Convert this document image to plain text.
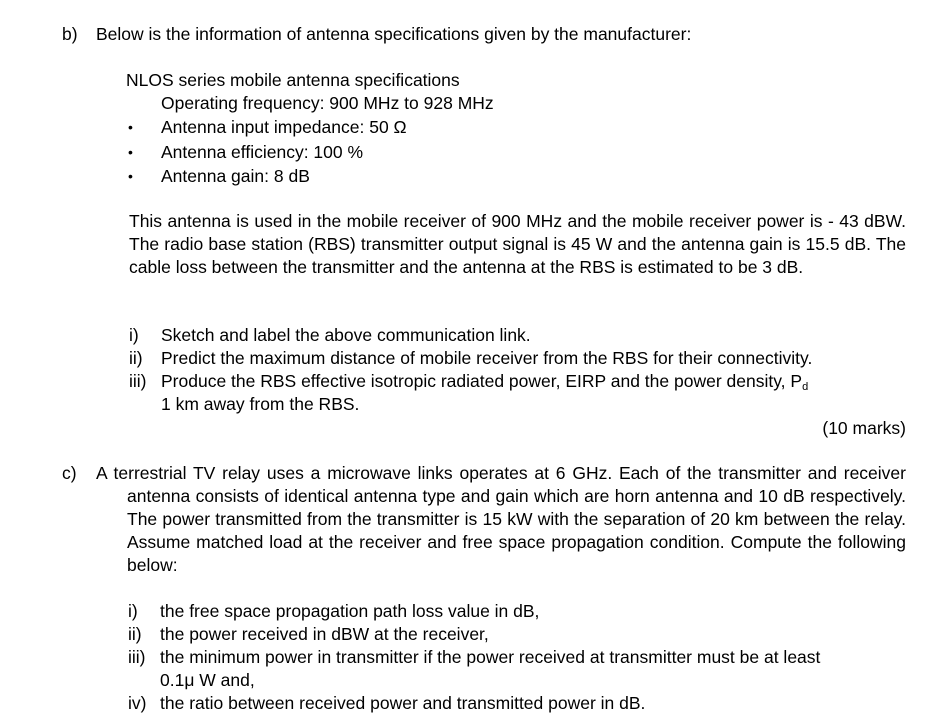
b) Below is the information of antenna specifications given by the manufacturer:
NLOS series mobile antenna specifications
Operating frequency: 900 MHz to 928 MHz
• Antenna input impedance: 50 Ω
• Antenna efficiency: 100 %
• Antenna gain: 8 dB
This antenna is used in the mobile receiver of 900 MHz and the mobile receiver power is - 43 dBW. The radio base station (RBS) transmitter output signal is 45 W and the antenna gain is 15.5 dB. The cable loss between the transmitter and the antenna at the RBS is estimated to be 3 dB.
i) Sketch and label the above communication link.
ii) Predict the maximum distance of mobile receiver from the RBS for their connectivity.
iii) Produce the RBS effective isotropic radiated power, EIRP and the power density, $P_d$
1 km away from the RBS.
(10 marks)
c) A terrestrial TV relay uses a microwave links operates at 6 GHz. Each of the transmitter and receiver antenna consists of identical antenna type and gain which are horn antenna and 10 dB respectively. The power transmitted from the transmitter is 15 kW with the separation of 20 km between the relay. Assume matched load at the receiver and free space propagation condition. Compute the following below:
i) the free space propagation path loss value in dB,
ii) the power received in dBW at the receiver,
iii) the minimum power in transmitter if the power received at transmitter must be at least
0.1μ W and,
iv) the ratio between received power and transmitted power in dB.
